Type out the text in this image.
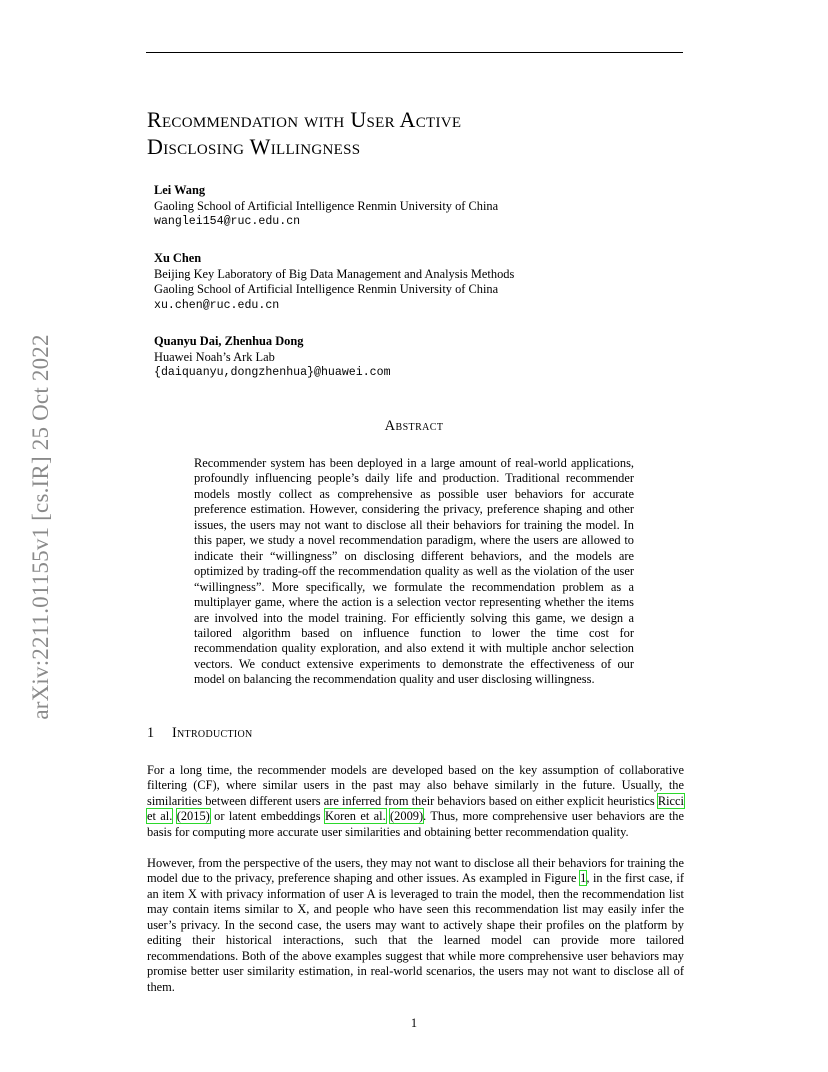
arXiv:2211.01155v1 [cs.IR] 25 Oct 2022
Recommendation with User Active
Disclosing Willingness
Lei Wang
Gaoling School of Artificial Intelligence Renmin University of China
wanglei154@ruc.edu.cn
Xu Chen
Beijing Key Laboratory of Big Data Management and Analysis Methods
Gaoling School of Artificial Intelligence Renmin University of China
xu.chen@ruc.edu.cn
Quanyu Dai, Zhenhua Dong
Huawei Noah’s Ark Lab
{daiquanyu,dongzhenhua}@huawei.com
Abstract
Recommender system has been deployed in a large amount of real-world applications, profoundly influencing people’s daily life and production. Traditional recommender models mostly collect as comprehensive as possible user behaviors for accurate preference estimation. However, considering the privacy, preference shaping and other issues, the users may not want to disclose all their behaviors for training the model. In this paper, we study a novel recommendation paradigm, where the users are allowed to indicate their “willingness” on disclosing different behaviors, and the models are optimized by trading-off the recommendation quality as well as the violation of the user “willingness”. More specifically, we formulate the recommendation problem as a multiplayer game, where the action is a selection vector representing whether the items are involved into the model training. For efficiently solving this game, we design a tailored algorithm based on influence function to lower the time cost for recommendation quality exploration, and also extend it with multiple anchor selection vectors. We conduct extensive experiments to demonstrate the effectiveness of our model on balancing the recommendation quality and user disclosing willingness.
1 Introduction
For a long time, the recommender models are developed based on the key assumption of collaborative filtering (CF), where similar users in the past may also behave similarly in the future. Usually, the similarities between different users are inferred from their behaviors based on either explicit heuristics Ricci et al. (2015) or latent embeddings Koren et al. (2009). Thus, more comprehensive user behaviors are the basis for computing more accurate user similarities and obtaining better recommendation quality.
However, from the perspective of the users, they may not want to disclose all their behaviors for training the model due to the privacy, preference shaping and other issues. As exampled in Figure 1, in the first case, if an item X with privacy information of user A is leveraged to train the model, then the recommendation list may contain items similar to X, and people who have seen this recommendation list may easily infer the user’s privacy. In the second case, the users may want to actively shape their profiles on the platform by editing their historical interactions, such that the learned model can provide more tailored recommendations. Both of the above examples suggest that while more comprehensive user behaviors may promise better user similarity estimation, in real-world scenarios, the users may not want to disclose all of them.
1
